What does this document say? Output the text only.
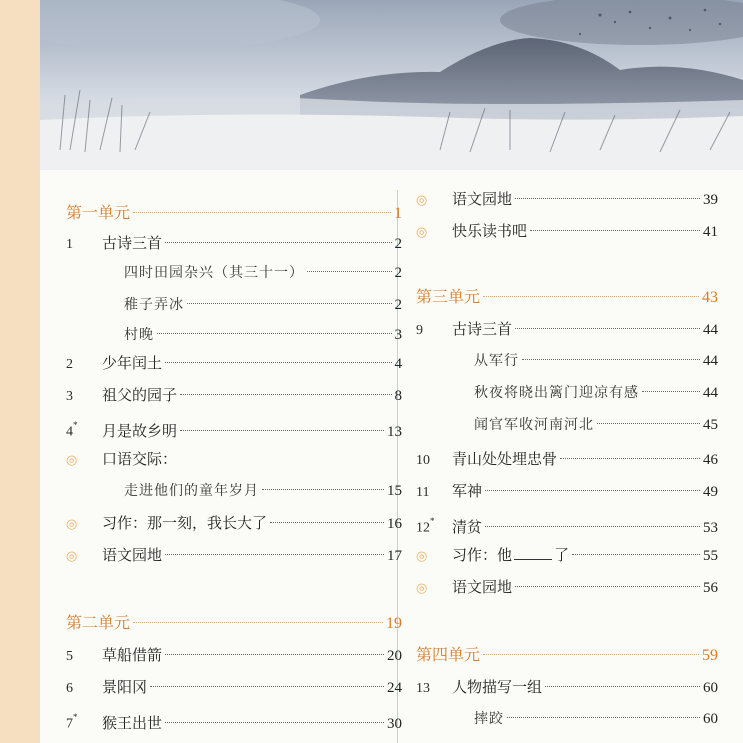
第一单元	1
1	古诗三首	2
四时田园杂兴（其三十一）	2
稚子弄冰	2
村晚	3
2	少年闰土	4
3	祖父的园子	8
4*	月是故乡明	13
◎	口语交际：
走进他们的童年岁月	15
◎	习作：那一刻，我长大了	16
◎	语文园地	17
第二单元	19
5	草船借箭	20
6	景阳冈	24
7*	猴王出世	30
◎	语文园地	39
◎	快乐读书吧	41
第三单元	43
9	古诗三首	44
从军行	44
秋夜将晓出篱门迎凉有感	44
闻官军收河南河北	45
10	青山处处埋忠骨	46
11	军神	49
12*	清贫	53
◎	习作：他	了	55
◎	语文园地	56
第四单元	59
13	人物描写一组	60
摔跤	60
